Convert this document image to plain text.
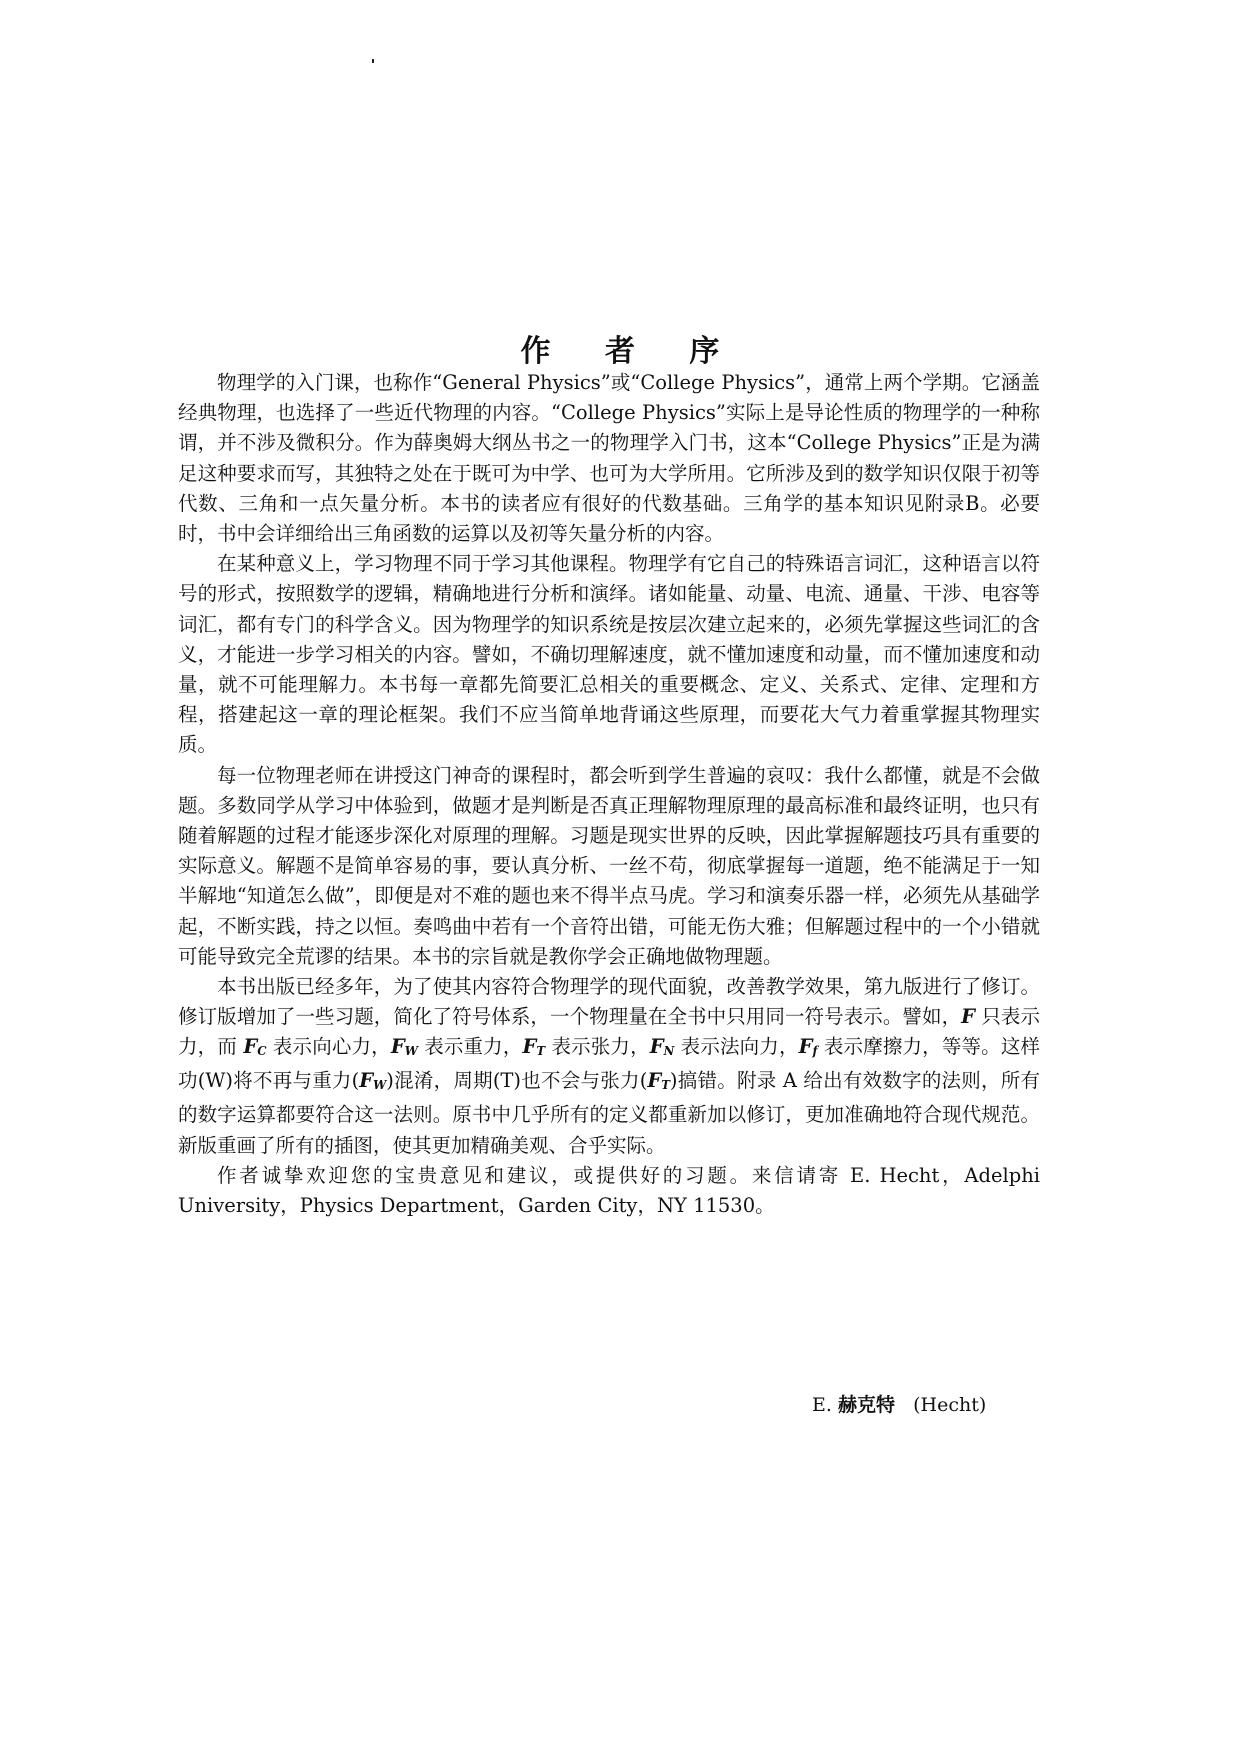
作 者 序

物理学的入门课，也称作“General Physics”或“College Physics”，通常上两个学期。它涵盖经典物理，也选择了一些近代物理的内容。“College Physics”实际上是导论性质的物理学的一种称谓，并不涉及微积分。作为薛奥姆大纲丛书之一的物理学入门书，这本“College Physics”正是为满足这种要求而写，其独特之处在于既可为中学、也可为大学所用。它所涉及到的数学知识仅限于初等代数、三角和一点矢量分析。本书的读者应有很好的代数基础。三角学的基本知识见附录B。必要时，书中会详细给出三角函数的运算以及初等矢量分析的内容。

在某种意义上，学习物理不同于学习其他课程。物理学有它自己的特殊语言词汇，这种语言以符号的形式，按照数学的逻辑，精确地进行分析和演绎。诸如能量、动量、电流、通量、干涉、电容等词汇，都有专门的科学含义。因为物理学的知识系统是按层次建立起来的，必须先掌握这些词汇的含义，才能进一步学习相关的内容。譬如，不确切理解速度，就不懂加速度和动量，而不懂加速度和动量，就不可能理解力。本书每一章都先简要汇总相关的重要概念、定义、关系式、定律、定理和方程，搭建起这一章的理论框架。我们不应当简单地背诵这些原理，而要花大气力着重掌握其物理实质。

每一位物理老师在讲授这门神奇的课程时，都会听到学生普遍的哀叹：我什么都懂，就是不会做题。多数同学从学习中体验到，做题才是判断是否真正理解物理原理的最高标准和最终证明，也只有随着解题的过程才能逐步深化对原理的理解。习题是现实世界的反映，因此掌握解题技巧具有重要的实际意义。解题不是简单容易的事，要认真分析、一丝不苟，彻底掌握每一道题，绝不能满足于一知半解地“知道怎么做”，即便是对不难的题也来不得半点马虎。学习和演奏乐器一样，必须先从基础学起，不断实践，持之以恒。奏鸣曲中若有一个音符出错，可能无伤大雅；但解题过程中的一个小错就可能导致完全荒谬的结果。本书的宗旨就是教你学会正确地做物理题。

本书出版已经多年，为了使其内容符合物理学的现代面貌，改善教学效果，第九版进行了修订。修订版增加了一些习题，简化了符号体系，一个物理量在全书中只用同一符号表示。譬如，F 只表示力，而 $F_C$ 表示向心力，$F_W$ 表示重力，$F_T$ 表示张力，$F_N$ 表示法向力，$F_f$ 表示摩擦力，等等。这样功(W)将不再与重力$(F_W)$混淆，周期(T)也不会与张力$(F_T)$搞错。附录 A 给出有效数字的法则，所有的数字运算都要符合这一法则。原书中几乎所有的定义都重新加以修订，更加准确地符合现代规范。新版重画了所有的插图，使其更加精确美观、合乎实际。

作者诚挚欢迎您的宝贵意见和建议，或提供好的习题。来信请寄 E. Hecht，Adelphi University，Physics Department，Garden City，NY 11530。

E. 赫克特 (Hecht)
